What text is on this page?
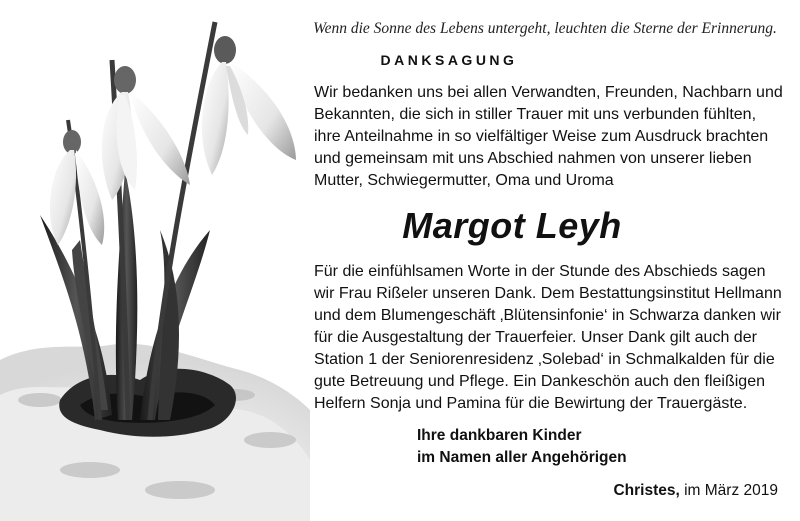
Wenn die Sonne des Lebens untergeht, leuchten die Sterne der Erinnerung.
DANKSAGUNG

Wir bedanken uns bei allen Verwandten, Freunden, Nachbarn und
Bekannten, die sich in stiller Trauer mit uns verbunden fühlten,
ihre Anteilnahme in so vielfältiger Weise zum Ausdruck brachten
und gemeinsam mit uns Abschied nahmen von unserer lieben
Mutter, Schwiegermutter, Oma und Uroma

Margot Leyh

Für die einfühlsamen Worte in der Stunde des Abschieds sagen
wir Frau Rißeler unseren Dank. Dem Bestattungsinstitut Hellmann
und dem Blumengeschäft ‚Blütensinfonie‘ in Schwarza danken wir
für die Ausgestaltung der Trauerfeier. Unser Dank gilt auch der
Station 1 der Seniorenresidenz ‚Solebad‘ in Schmalkalden für die
gute Betreuung und Pflege. Ein Dankeschön auch den fleißigen
Helfern Sonja und Pamina für die Bewirtung der Trauergäste.

Ihre dankbaren Kinder
im Namen aller Angehörigen
Christes, im März 2019
